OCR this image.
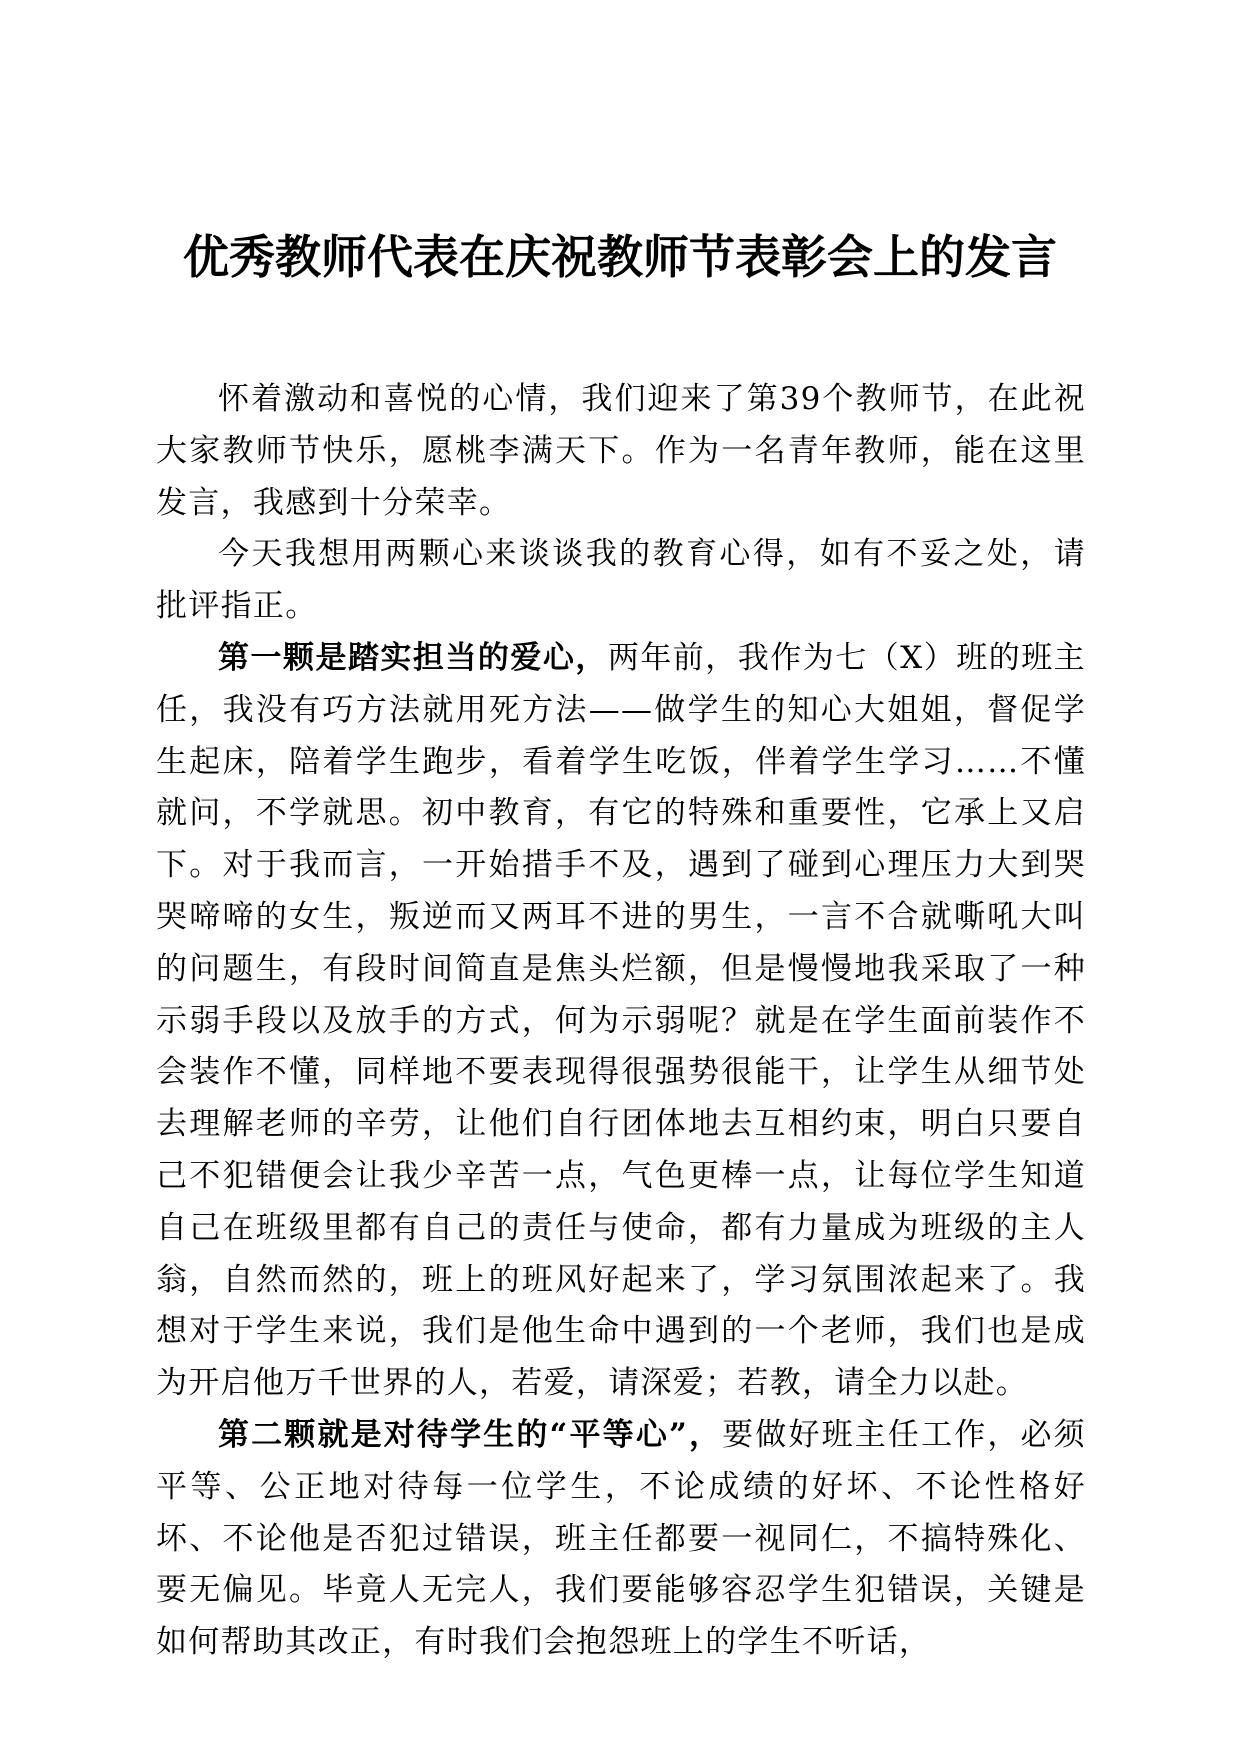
优秀教师代表在庆祝教师节表彰会上的发言

怀着激动和喜悦的心情，我们迎来了第39个教师节，在此祝大家教师节快乐，愿桃李满天下。作为一名青年教师，能在这里发言，我感到十分荣幸。

今天我想用两颗心来谈谈我的教育心得，如有不妥之处，请批评指正。

第一颗是踏实担当的爱心，两年前，我作为七（X）班的班主任，我没有巧方法就用死方法——做学生的知心大姐姐，督促学生起床，陪着学生跑步，看着学生吃饭，伴着学生学习……不懂就问，不学就思。初中教育，有它的特殊和重要性，它承上又启下。对于我而言，一开始措手不及，遇到了碰到心理压力大到哭哭啼啼的女生，叛逆而又两耳不进的男生，一言不合就嘶吼大叫的问题生，有段时间简直是焦头烂额，但是慢慢地我采取了一种示弱手段以及放手的方式，何为示弱呢？就是在学生面前装作不会装作不懂，同样地不要表现得很强势很能干，让学生从细节处去理解老师的辛劳，让他们自行团体地去互相约束，明白只要自己不犯错便会让我少辛苦一点，气色更棒一点，让每位学生知道自己在班级里都有自己的责任与使命，都有力量成为班级的主人翁，自然而然的，班上的班风好起来了，学习氛围浓起来了。我想对于学生来说，我们是他生命中遇到的一个老师，我们也是成为开启他万千世界的人，若爱，请深爱；若教，请全力以赴。

第二颗就是对待学生的“平等心”，要做好班主任工作，必须平等、公正地对待每一位学生，不论成绩的好坏、不论性格好坏、不论他是否犯过错误，班主任都要一视同仁，不搞特殊化、要无偏见。毕竟人无完人，我们要能够容忍学生犯错误，关键是如何帮助其改正，有时我们会抱怨班上的学生不听话，
